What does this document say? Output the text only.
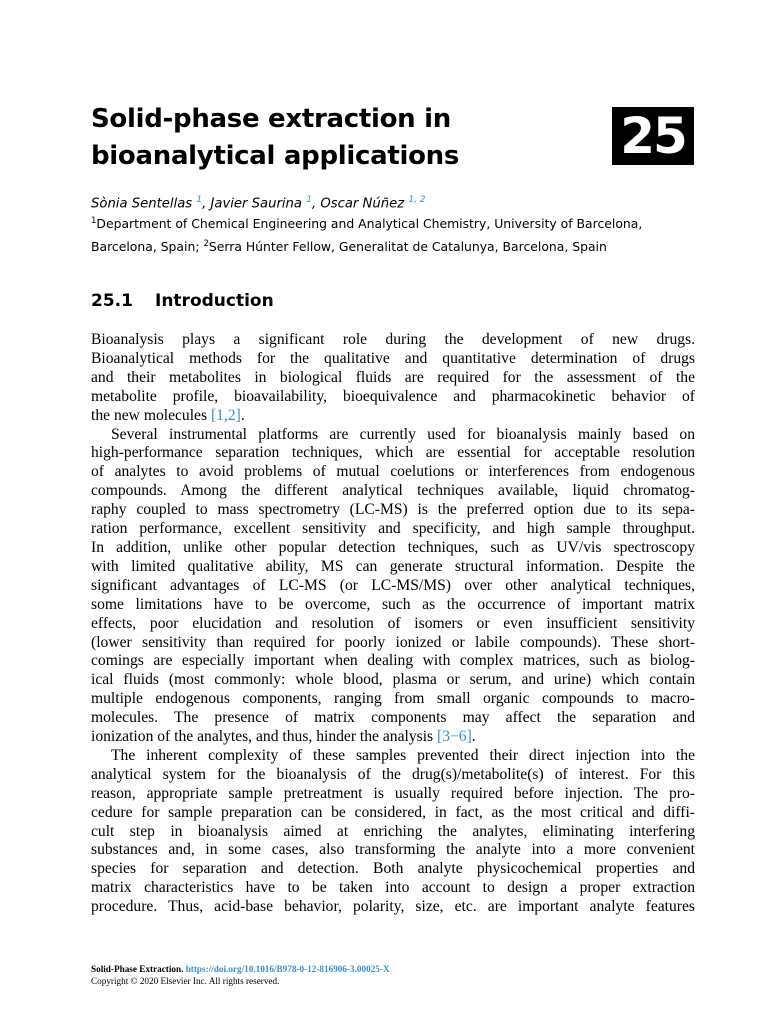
Solid-phase extraction in
bioanalytical applications	25
Sònia Sentellas $^1$, Javier Saurina $^1$, Oscar Núñez $^{1, 2}$
$^1$Department of Chemical Engineering and Analytical Chemistry, University of Barcelona,
Barcelona, Spain; $^2$Serra Húnter Fellow, Generalitat de Catalunya, Barcelona, Spain
25.1 Introduction
Bioanalysis plays a significant role during the development of new drugs.
Bioanalytical methods for the qualitative and quantitative determination of drugs
and their metabolites in biological fluids are required for the assessment of the
metabolite profile, bioavailability, bioequivalence and pharmacokinetic behavior of
the new molecules [1,2].
Several instrumental platforms are currently used for bioanalysis mainly based on
high-performance separation techniques, which are essential for acceptable resolution
of analytes to avoid problems of mutual coelutions or interferences from endogenous
compounds. Among the different analytical techniques available, liquid chromatog-
raphy coupled to mass spectrometry (LC-MS) is the preferred option due to its sepa-
ration performance, excellent sensitivity and specificity, and high sample throughput.
In addition, unlike other popular detection techniques, such as UV/vis spectroscopy
with limited qualitative ability, MS can generate structural information. Despite the
significant advantages of LC-MS (or LC-MS/MS) over other analytical techniques,
some limitations have to be overcome, such as the occurrence of important matrix
effects, poor elucidation and resolution of isomers or even insufficient sensitivity
(lower sensitivity than required for poorly ionized or labile compounds). These short-
comings are especially important when dealing with complex matrices, such as biolog-
ical fluids (most commonly: whole blood, plasma or serum, and urine) which contain
multiple endogenous components, ranging from small organic compounds to macro-
molecules. The presence of matrix components may affect the separation and
ionization of the analytes, and thus, hinder the analysis [3−6].
The inherent complexity of these samples prevented their direct injection into the
analytical system for the bioanalysis of the drug(s)/metabolite(s) of interest. For this
reason, appropriate sample pretreatment is usually required before injection. The pro-
cedure for sample preparation can be considered, in fact, as the most critical and diffi-
cult step in bioanalysis aimed at enriching the analytes, eliminating interfering
substances and, in some cases, also transforming the analyte into a more convenient
species for separation and detection. Both analyte physicochemical properties and
matrix characteristics have to be taken into account to design a proper extraction
procedure. Thus, acid-base behavior, polarity, size, etc. are important analyte features
Solid-Phase Extraction. https://doi.org/10.1016/B978-0-12-816906-3.00025-X
Copyright © 2020 Elsevier Inc. All rights reserved.
